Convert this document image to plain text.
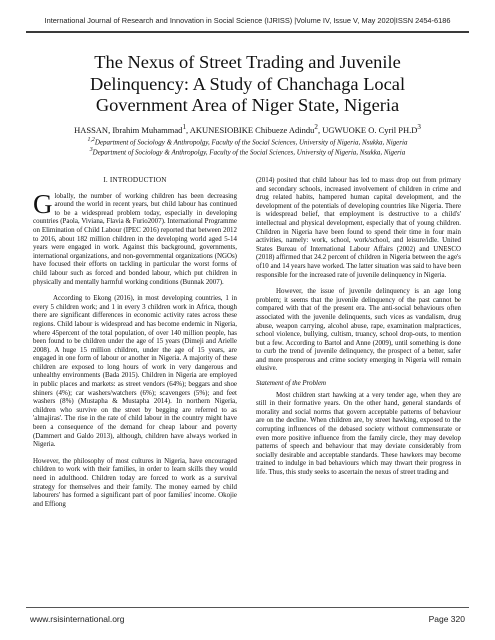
International Journal of Research and Innovation in Social Science (IJRISS) |Volume IV, Issue V, May 2020|ISSN 2454-6186
The Nexus of Street Trading and Juvenile
Delinquency: A Study of Chanchaga Local
Government Area of Niger State, Nigeria
HASSAN, Ibrahim Muhammad$^1$, AKUNESIOBIKE Chibueze Adindu$^2$, UGWUOKE O. Cyril $PH.D^3$
$^{1,2}$Department of Sociology & Anthropolgy, Faculty of the Social Sciences, University of Nigeria, Nsukka, Nigeria
$^3$Department of Sociology & Anthropolgy, Faculty of the Social Sciences, University of Nigeria, Nsukka, Nigeria
I. INTRODUCTION

Globally, the number of working children has been decreasing around the world in recent years, but child labour has continued to be a widespread problem today, especially in developing countries (Paola, Viviana, Flavia & Furio2007). International Programme on Elimination of Child Labour (IPEC 2016) reported that between 2012 to 2016, about 182 million children in the developing world aged 5-14 years were engaged in work. Against this background, governments, international organizations, and non-governmental organizations (NGOs) have focused their efforts on tackling in particular the worst forms of child labour such as forced and bonded labour, which put children in physically and mentally harmful working conditions (Bunnak 2007).

According to Ekong (2016), in most developing countries, 1 in every 5 children work; and 1 in every 3 children work in Africa, though there are significant differences in economic activity rates across these regions. Child labour is widespread and has become endemic in Nigeria, where 45percent of the total population, of over 140 million people, has been found to be children under the age of 15 years (Dimeji and Arielle 2008). A huge 15 million children, under the age of 15 years, are engaged in one form of labour or another in Nigeria. A majority of these children are exposed to long hours of work in very dangerous and unhealthy environments (Bada 2015). Children in Nigeria are employed in public places and markets: as street vendors (64%); beggars and shoe shiners (4%); car washers/watchers (6%); scavengers (5%); and feet washers (8%) (Mustapha & Mustapha 2014). In northern Nigeria, children who survive on the street by begging are referred to as 'almajiras'. The rise in the rate of child labour in the country might have been a consequence of the demand for cheap labour and poverty (Dammert and Galdo 2013), although, children have always worked in Nigeria.

However, the philosophy of most cultures in Nigeria, have encouraged children to work with their families, in order to learn skills they would need in adulthood. Children today are forced to work as a survival strategy for themselves and their family. The money earned by child labourers' has formed a significant part of poor families' income. Okojie and Effiong

(2014) posited that child labour has led to mass drop out from primary and secondary schools, increased involvement of children in crime and drug related habits, hampered human capital development, and the development of the potentials of developing countries like Nigeria. There is widespread belief, that employment is destructive to a child's' intellectual and physical development, especially that of young children. Children in Nigeria have been found to spend their time in four main activities, namely: work, school, work/school, and leisure/idle. United States Bureau of International Labour Affairs (2002) and UNESCO (2018) affirmed that 24.2 percent of children in Nigeria between the age's of10 and 14 years have worked. The latter situation was said to have been responsible for the increased rate of juvenile delinquency in Nigeria.

However, the issue of juvenile delinquency is an age long problem; it seems that the juvenile delinquency of the past cannot be compared with that of the present era. The anti-social behaviours often associated with the juvenile delinquents, such vices as vandalism, drug abuse, weapon carrying, alcohol abuse, rape, examination malpractices, school violence, bullying, cultism, truancy, school drop-outs, to mention but a few. According to Bartol and Anne (2009), until something is done to curb the trend of juvenile delinquency, the prospect of a better, safer and more prosperous and crime society emerging in Nigeria will remain elusive.

Statement of the Problem

Most children start hawking at a very tender age, when they are still in their formative years. On the other hand, general standards of morality and social norms that govern acceptable patterns of behaviour are on the decline. When children are, by street hawking, exposed to the corrupting influences of the debased society without commensurate or even more positive influence from the family circle, they may develop patterns of speech and behaviour that may deviate considerably from socially desirable and acceptable standards. These hawkers may become trained to indulge in bad behaviours which may thwart their progress in life. Thus, this study seeks to ascertain the nexus of street trading and

www.rsisinternational.org	Page 320
